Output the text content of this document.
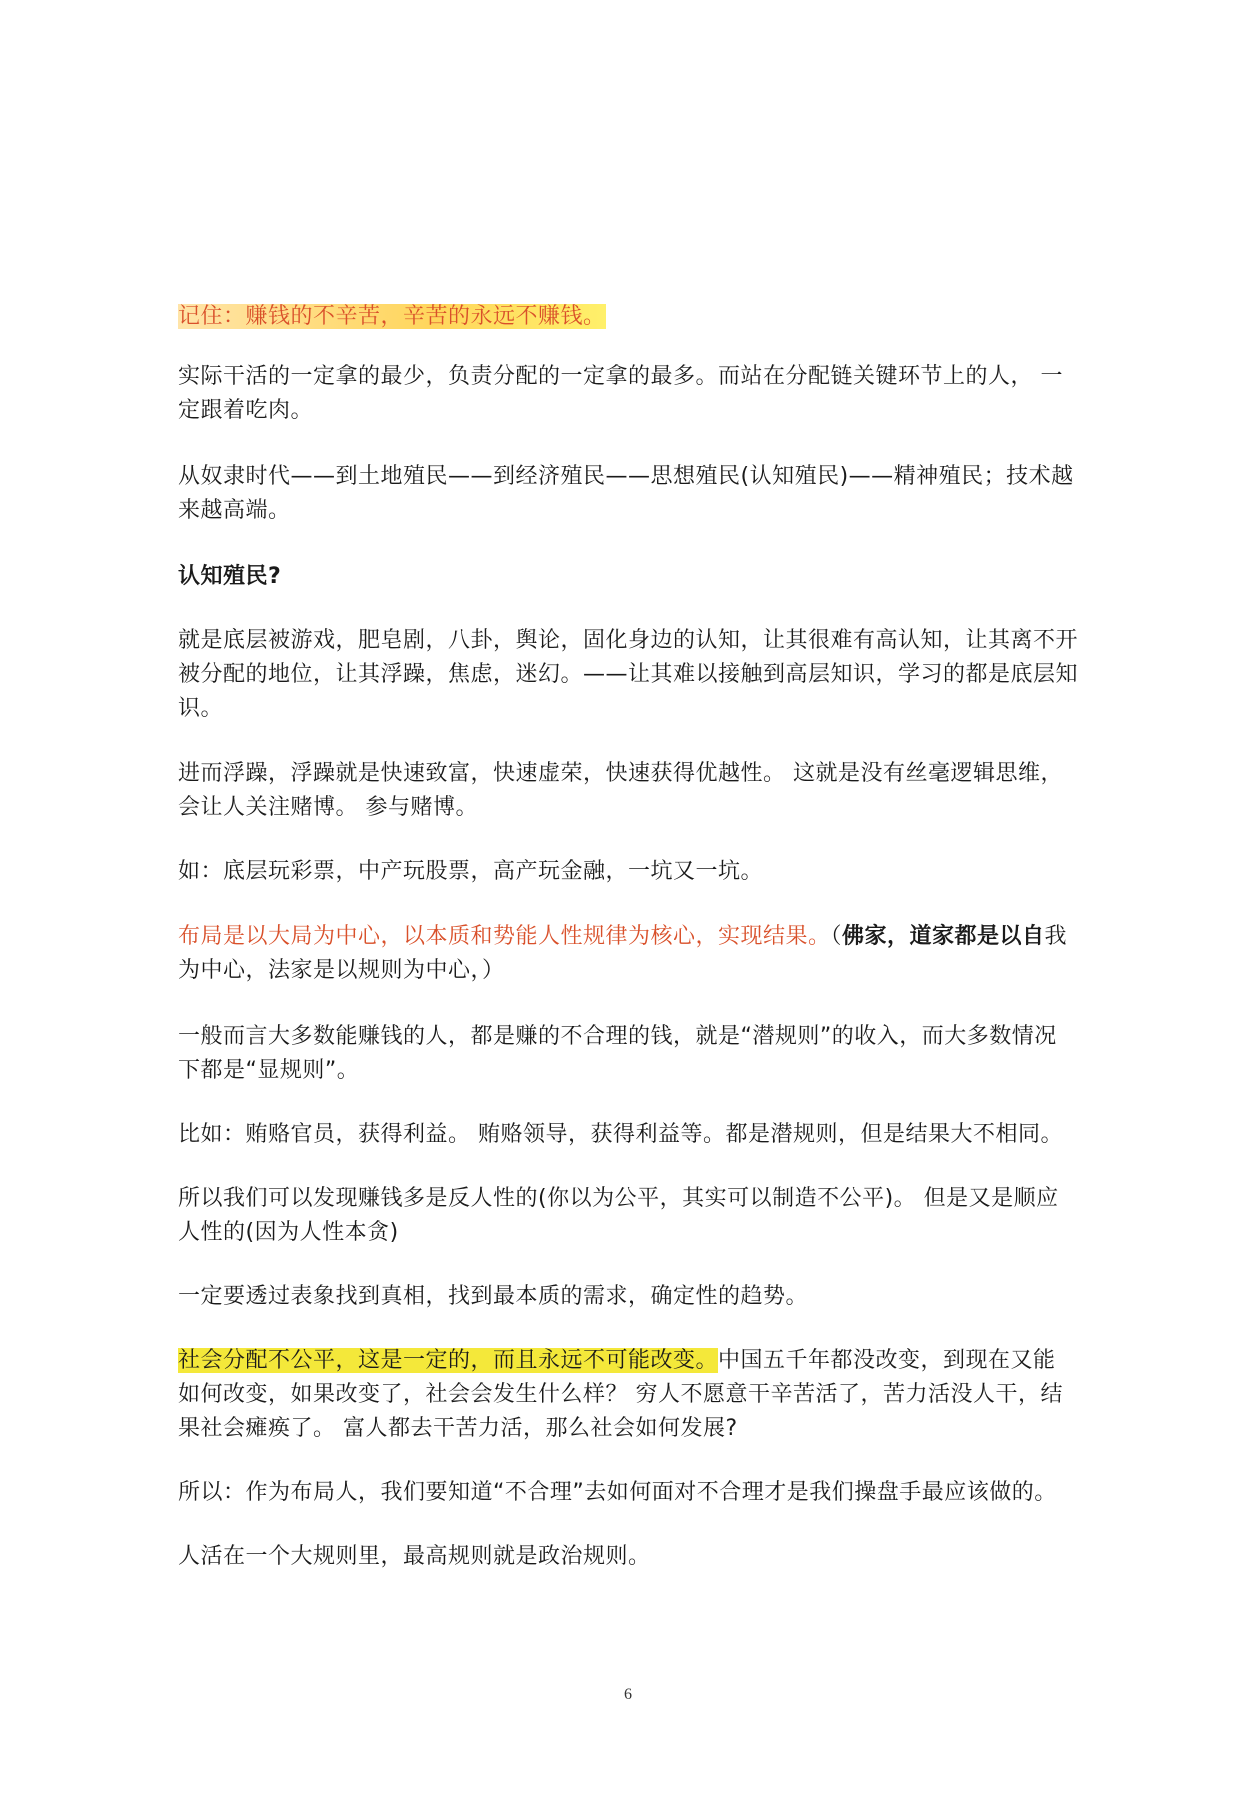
记住：赚钱的不辛苦，辛苦的永远不赚钱。

实际干活的一定拿的最少，负责分配的一定拿的最多。而站在分配链关键环节上的人， 一定跟着吃肉。

从奴隶时代——到土地殖民——到经济殖民——思想殖民(认知殖民)——精神殖民；技术越来越高端。

认知殖民?

就是底层被游戏，肥皂剧，八卦，舆论，固化身边的认知，让其很难有高认知，让其离不开被分配的地位，让其浮躁，焦虑，迷幻。——让其难以接触到高层知识，学习的都是底层知识。

进而浮躁，浮躁就是快速致富，快速虚荣，快速获得优越性。 这就是没有丝毫逻辑思维，会让人关注赌博。 参与赌博。

如：底层玩彩票，中产玩股票，高产玩金融，一坑又一坑。

布局是以大局为中心，以本质和势能人性规律为核心，实现结果。（佛家，道家都是以自我为中心，法家是以规则为中心，）

一般而言大多数能赚钱的人，都是赚的不合理的钱，就是“潜规则”的收入，而大多数情况下都是“显规则”。

比如：贿赂官员，获得利益。 贿赂领导，获得利益等。都是潜规则，但是结果大不相同。

所以我们可以发现赚钱多是反人性的(你以为公平，其实可以制造不公平)。 但是又是顺应人性的(因为人性本贪)

一定要透过表象找到真相，找到最本质的需求，确定性的趋势。

社会分配不公平，这是一定的，而且永远不可能改变。中国五千年都没改变，到现在又能如何改变，如果改变了，社会会发生什么样？ 穷人不愿意干辛苦活了，苦力活没人干，结果社会瘫痪了。 富人都去干苦力活，那么社会如何发展?

所以：作为布局人，我们要知道“不合理”去如何面对不合理才是我们操盘手最应该做的。

人活在一个大规则里，最高规则就是政治规则。

6
